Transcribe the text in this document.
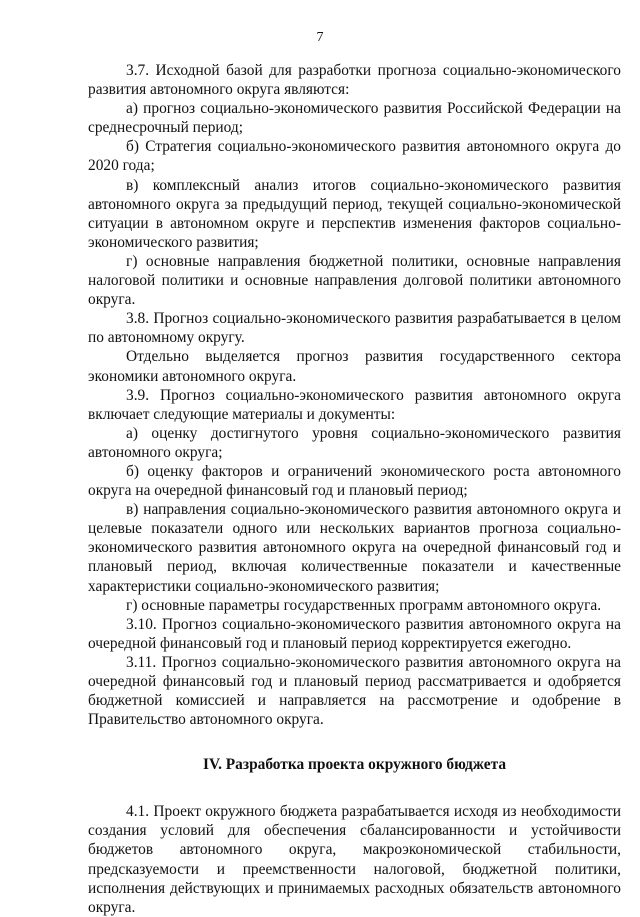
7

3.7. Исходной базой для разработки прогноза социально-экономического развития автономного округа являются:

а) прогноз социально-экономического развития Российской Федерации на среднесрочный период;

б) Стратегия социально-экономического развития автономного округа до 2020 года;

в) комплексный анализ итогов социально-экономического развития автономного округа за предыдущий период, текущей социально-экономической ситуации в автономном округе и перспектив изменения факторов социально-экономического развития;

г) основные направления бюджетной политики, основные направления налоговой политики и основные направления долговой политики автономного округа.

3.8. Прогноз социально-экономического развития разрабатывается в целом по автономному округу.

Отдельно выделяется прогноз развития государственного сектора экономики автономного округа.

3.9. Прогноз социально-экономического развития автономного округа включает следующие материалы и документы:

а) оценку достигнутого уровня социально-экономического развития автономного округа;

б) оценку факторов и ограничений экономического роста автономного округа на очередной финансовый год и плановый период;

в) направления социально-экономического развития автономного округа и целевые показатели одного или нескольких вариантов прогноза социально-экономического развития автономного округа на очередной финансовый год и плановый период, включая количественные показатели и качественные характеристики социально-экономического развития;

г) основные параметры государственных программ автономного округа.

3.10. Прогноз социально-экономического развития автономного округа на очередной финансовый год и плановый период корректируется ежегодно.

3.11. Прогноз социально-экономического развития автономного округа на очередной финансовый год и плановый период рассматривается и одобряется бюджетной комиссией и направляется на рассмотрение и одобрение в Правительство автономного округа.

IV. Разработка проекта окружного бюджета

4.1. Проект окружного бюджета разрабатывается исходя из необходимости создания условий для обеспечения сбалансированности и устойчивости бюджетов автономного округа, макроэкономической стабильности, предсказуемости и преемственности налоговой, бюджетной политики, исполнения действующих и принимаемых расходных обязательств автономного округа.
